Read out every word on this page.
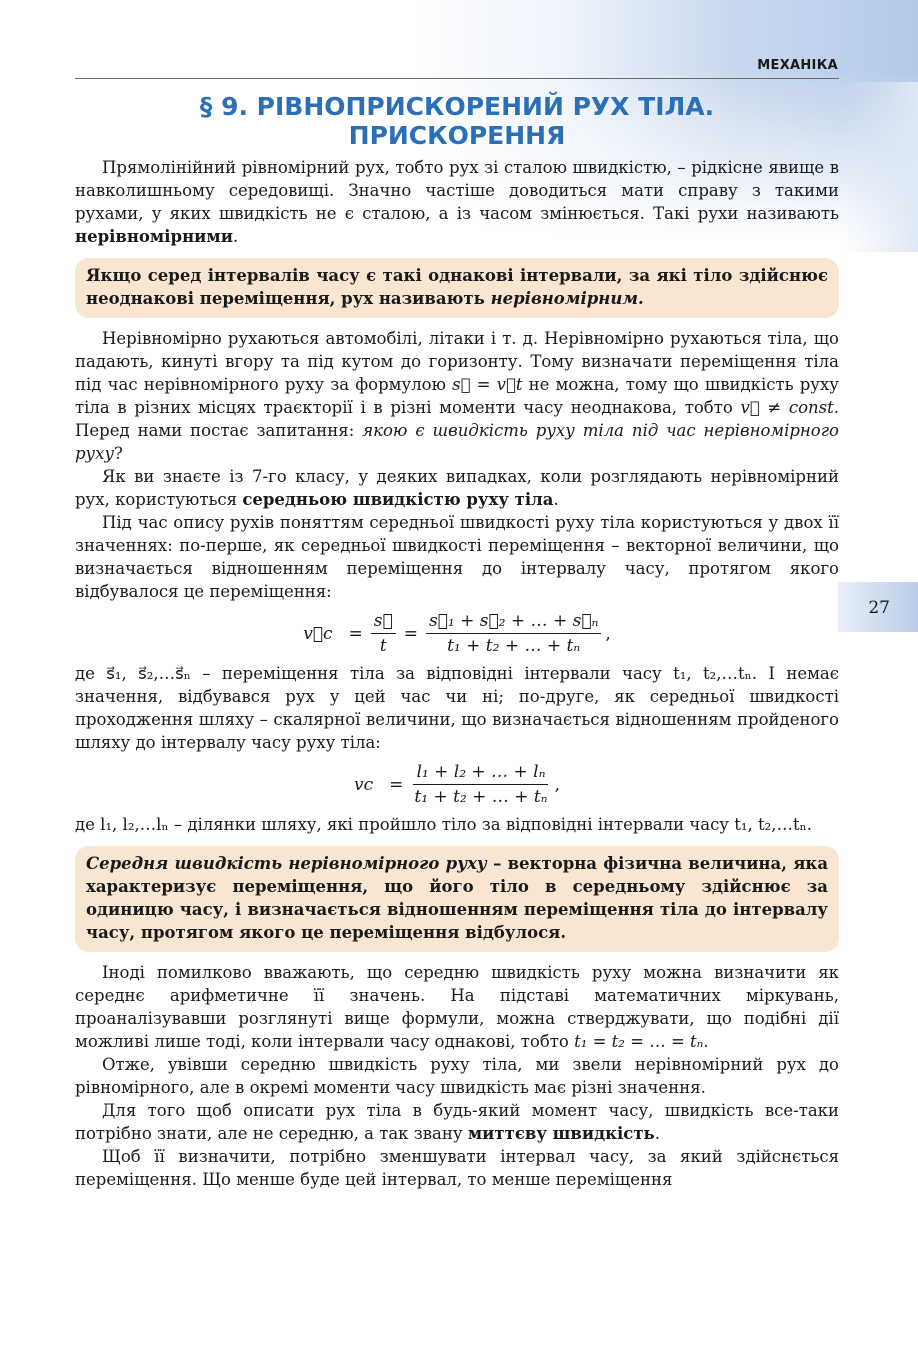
МЕХАНІКА
27
§ 9. РІВНОПРИСКОРЕНИЙ РУХ ТІЛА.
ПРИСКОРЕННЯ

Прямолінійний рівномірний рух, тобто рух зі сталою швидкістю, – рідкісне явище в навколишньому середовищі. Значно частіше доводиться мати справу з такими рухами, у яких швидкість не є сталою, а із часом змінюється. Такі рухи називають нерівномірними.

Якщо серед інтервалів часу є такі однакові інтервали, за які тіло здійснює неоднакові переміщення, рух називають нерівномірним.

Нерівномірно рухаються автомобілі, літаки і т. д. Нерівномірно рухаються тіла, що падають, кинуті вгору та під кутом до горизонту. Тому визначати переміщення тіла під час нерівномірного руху за формулою s⃗ = v⃗t не можна, тому що швидкість руху тіла в різних місцях траєкторії і в різні моменти часу неоднакова, тобто v⃗ ≠ const. Перед нами постає запитання: якою є швидкість руху тіла під час нерівномірного руху?

Як ви знаєте із 7-го класу, у деяких випадках, коли розглядають нерівномірний рух, користуються середньою швидкістю руху тіла.

Під час опису рухів поняттям середньої швидкості руху тіла користуються у двох її значеннях: по-перше, як середньої швидкості переміщення – векторної величини, що визначається відношенням переміщення до інтервалу часу, протягом якого відбувалося це переміщення:

v⃗с = $\frac{s⃗}{t} = \frac{\text{s⃗₁ + s⃗₂ + … + s⃗ₙ}}{\text{t₁ + t₂ + … + tₙ}}$ ,

де s⃗₁, s⃗₂,…s⃗ₙ – переміщення тіла за відповідні інтервали часу t₁, t₂,…tₙ. І немає значення, відбувався рух у цей час чи ні; по-друге, як середньої швидкості проходження шляху – скалярної величини, що визначається відношенням пройденого шляху до інтервалу часу руху тіла:

vс = $\frac{\text{l₁ + l₂ + … + lₙ}}{\text{t₁ + t₂ + … + tₙ}}$ ,

де l₁, l₂,…lₙ – ділянки шляху, які пройшло тіло за відповідні інтервали часу t₁, t₂,…tₙ.

Середня швидкість нерівномірного руху – векторна фізична величина, яка характеризує переміщення, що його тіло в середньому здійснює за одиницю часу, і визначається відношенням переміщення тіла до інтервалу часу, протягом якого це переміщення відбулося.

Іноді помилково вважають, що середню швидкість руху можна визначити як середнє арифметичне її значень. На підставі математичних міркувань, проаналізувавши розглянуті вище формули, можна стверджувати, що подібні дії можливі лише тоді, коли інтервали часу однакові, тобто t₁ = t₂ = … = tₙ.

Отже, увівши середню швидкість руху тіла, ми звели нерівномірний рух до рівномірного, але в окремі моменти часу швидкість має різні значення.

Для того щоб описати рух тіла в будь-який момент часу, швидкість все-таки потрібно знати, але не середню, а так звану миттєву швидкість.

Щоб її визначити, потрібно зменшувати інтервал часу, за який здійснється переміщення. Що менше буде цей інтервал, то менше переміщення
